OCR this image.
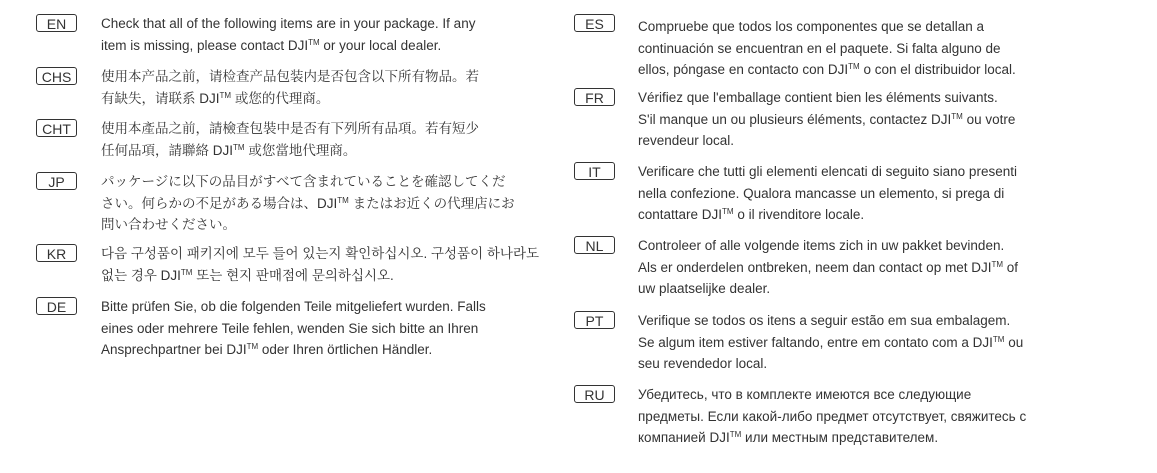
EN	Check that all of the following items are in your package. If any
item is missing, please contact DJI™ or your local dealer.
CHS	使用本产品之前，请检查产品包装内是否包含以下所有物品。若
有缺失，请联系 DJI™ 或您的代理商。
CHT	使用本產品之前，請檢查包裝中是否有下列所有品項。若有短少
任何品項，請聯絡 DJI™ 或您當地代理商。
JP	パッケージに以下の品目がすべて含まれていることを確認してくだ
さい。何らかの不足がある場合は、DJI™ またはお近くの代理店にお
問い合わせください。
KR	다음 구성품이 패키지에 모두 들어 있는지 확인하십시오. 구성품이 하나라도
없는 경우 DJI™ 또는 현지 판매점에 문의하십시오.
DE	Bitte prüfen Sie, ob die folgenden Teile mitgeliefert wurden. Falls
eines oder mehrere Teile fehlen, wenden Sie sich bitte an Ihren
Ansprechpartner bei DJI™ oder Ihren örtlichen Händler.
ES	Compruebe que todos los componentes que se detallan a
continuación se encuentran en el paquete. Si falta alguno de
ellos, póngase en contacto con DJI™ o con el distribuidor local.
FR	Vérifiez que l'emballage contient bien les éléments suivants.
S'il manque un ou plusieurs éléments, contactez DJI™ ou votre
revendeur local.
IT	Verificare che tutti gli elementi elencati di seguito siano presenti
nella confezione. Qualora mancasse un elemento, si prega di
contattare DJI™ o il rivenditore locale.
NL	Controleer of alle volgende items zich in uw pakket bevinden.
Als er onderdelen ontbreken, neem dan contact op met DJI™ of
uw plaatselijke dealer.
PT	Verifique se todos os itens a seguir estão em sua embalagem.
Se algum item estiver faltando, entre em contato com a DJI™ ou
seu revendedor local.
RU	Убедитесь, что в комплекте имеются все следующие
предметы. Если какой-либо предмет отсутствует, свяжитесь с
компанией DJI™ или местным представителем.
